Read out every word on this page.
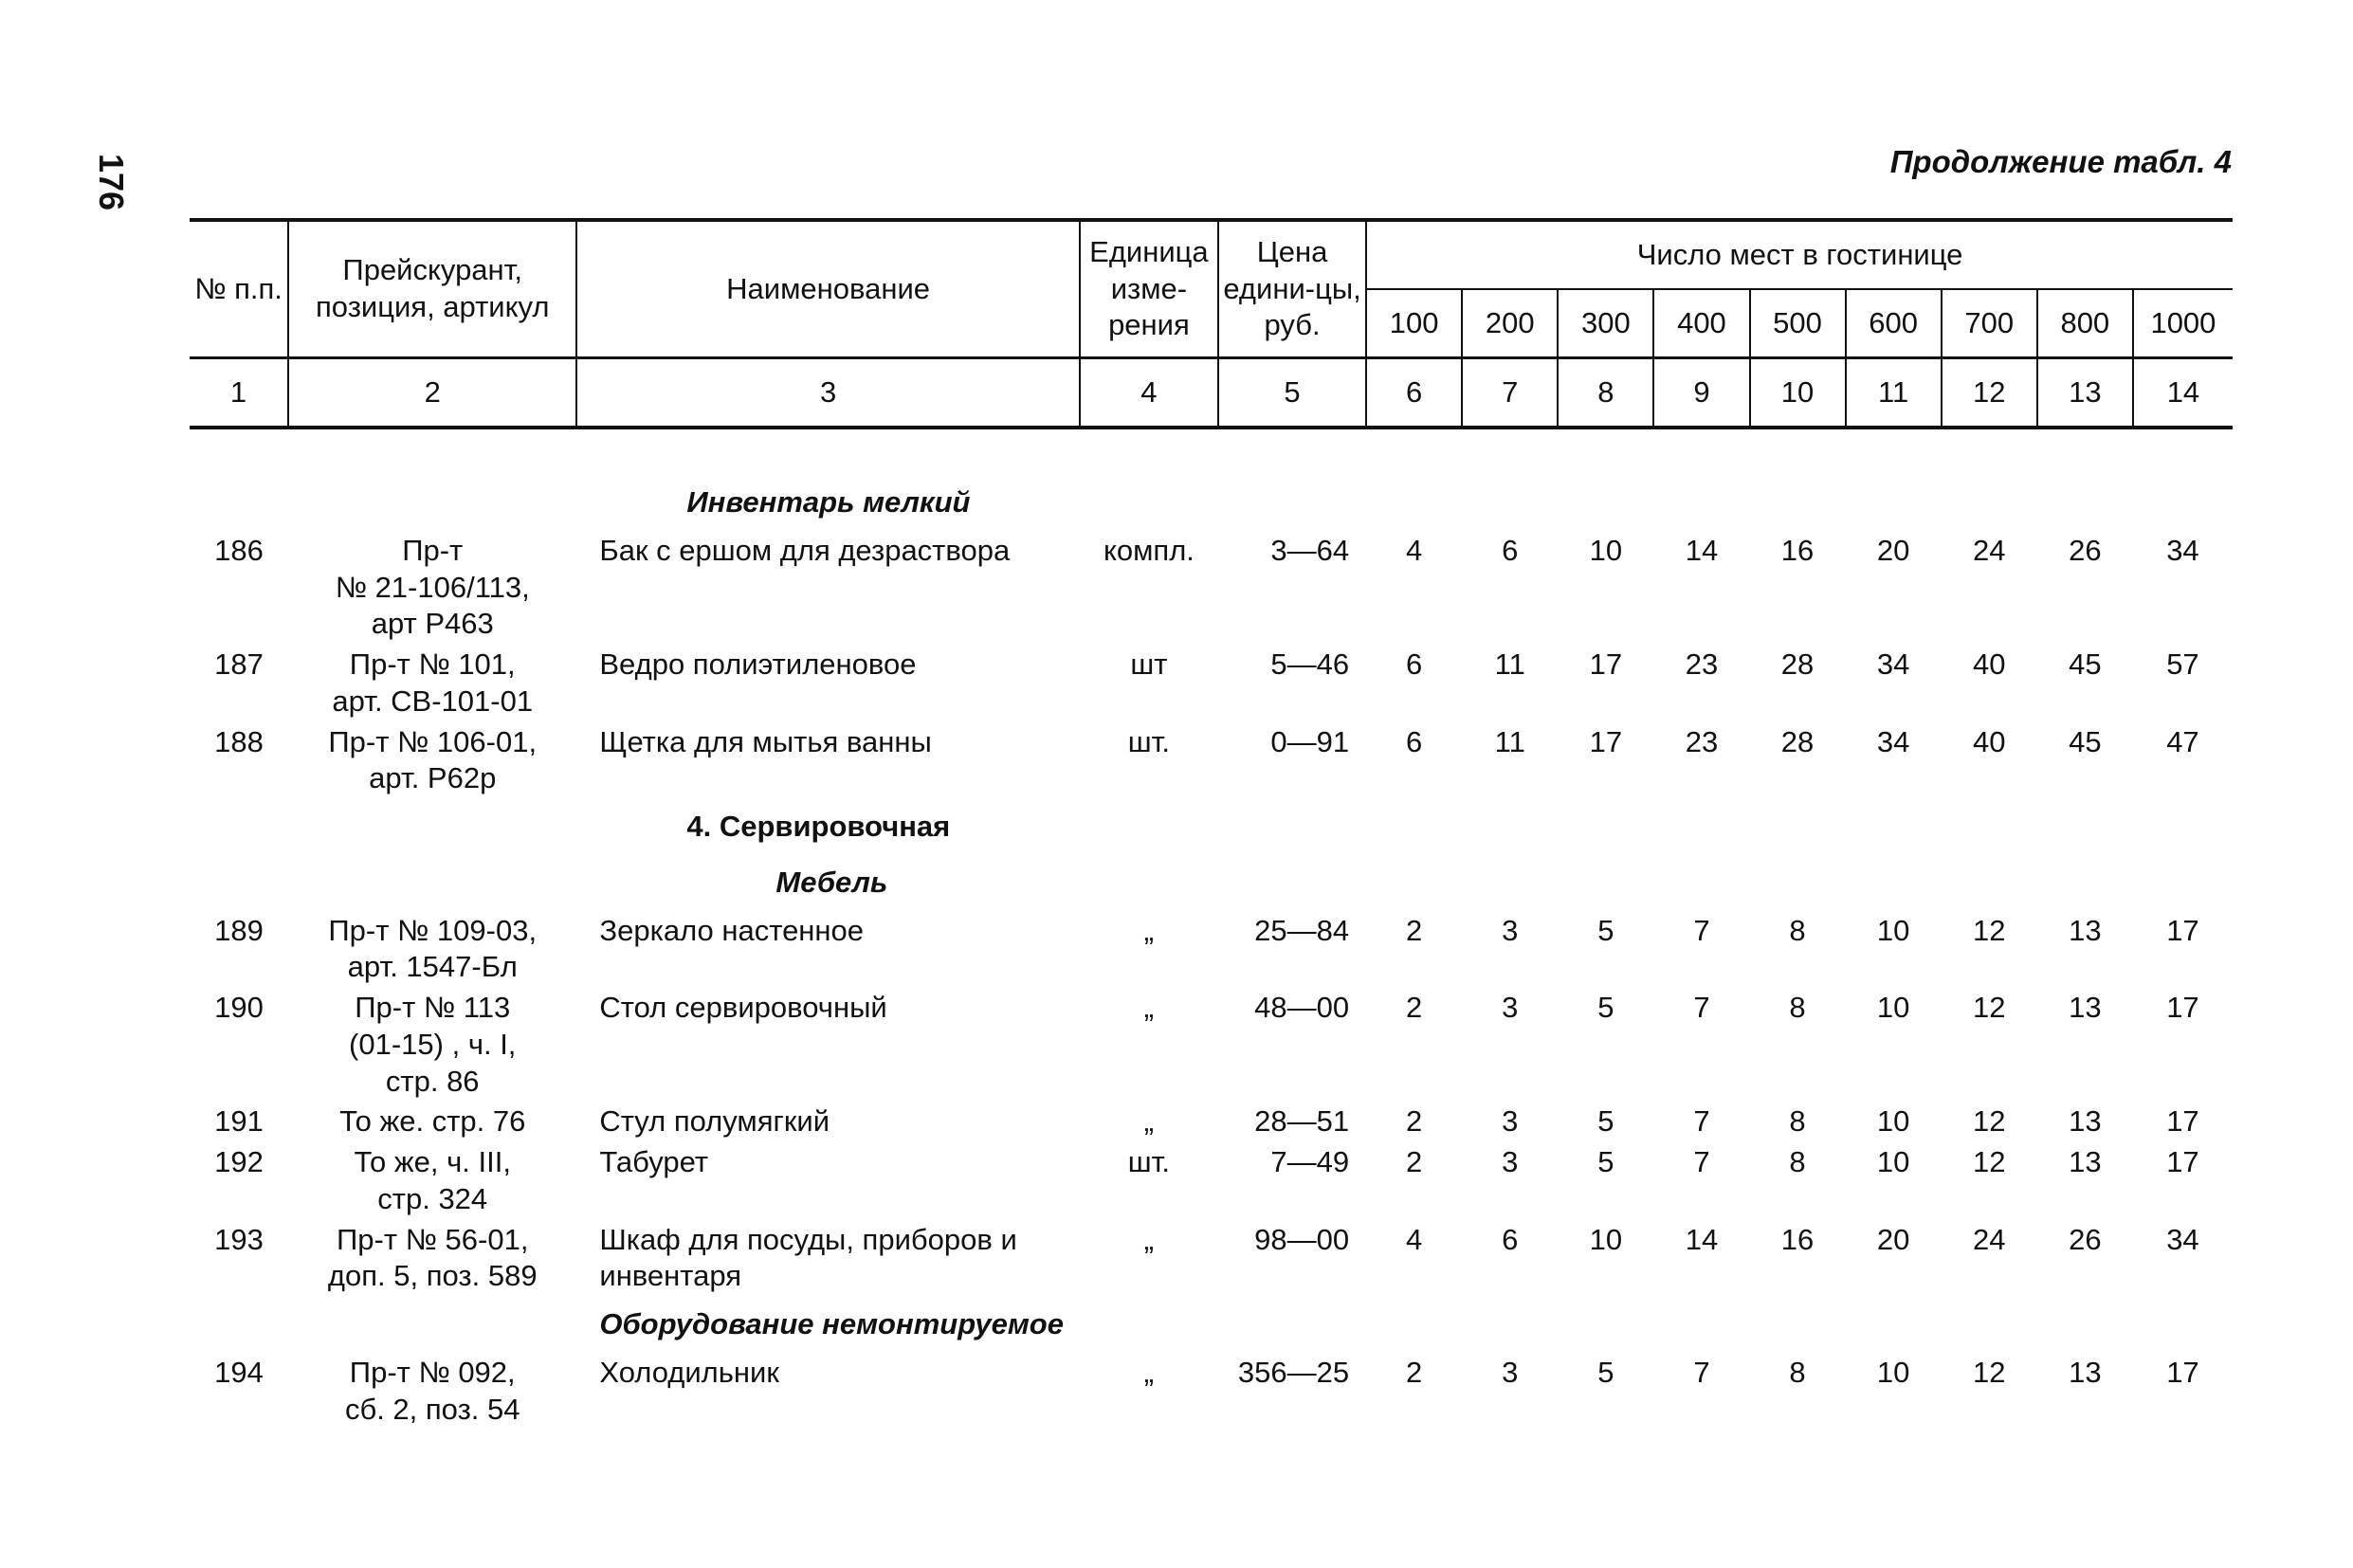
176	Продолжение табл. 4
№ п.п.	Прейскурант, позиция, артикул	Наименование	Единица изме-рения	Цена едини-цы, руб.	Число мест в гостинице								
					100	200	300	400	500	600	700	800	1000
1	2	3	4	5	6	7	8	9	10	11	12	13	14

		Инвентарь мелкий											
186	Пр-т
№ 21-106/113,
арт Р463	Бак с ершом для дезраствора	компл.	3—64	4	6	10	14	16	20	24	26	34
187	Пр-т № 101,
арт. СВ-101-01	Ведро полиэтиленовое	шт	5—46	6	11	17	23	28	34	40	45	57
188	Пр-т № 106-01,
арт. Р62р	Щетка для мытья ванны	шт.	0—91	6	11	17	23	28	34	40	45	47
		4. Сервировочная											
		Мебель											
189	Пр-т № 109-03,
арт. 1547-Бл	Зеркало настенное	„	25—84	2	3	5	7	8	10	12	13	17
190	Пр-т № 113
(01-15) , ч. I,
стр. 86	Стол сервировочный	„	48—00	2	3	5	7	8	10	12	13	17
191	То же. стр. 76	Стул полумягкий	„	28—51	2	3	5	7	8	10	12	13	17
192	То же, ч. III,
стр. 324	Табурет	шт.	7—49	2	3	5	7	8	10	12	13	17
193	Пр-т № 56-01,
доп. 5, поз. 589	Шкаф для посуды, приборов и
инвентаря	„	98—00	4	6	10	14	16	20	24	26	34
		Оборудование немонтируемое											
194	Пр-т № 092,
сб. 2, поз. 54	Холодильник	„	356—25	2	3	5	7	8	10	12	13	17
